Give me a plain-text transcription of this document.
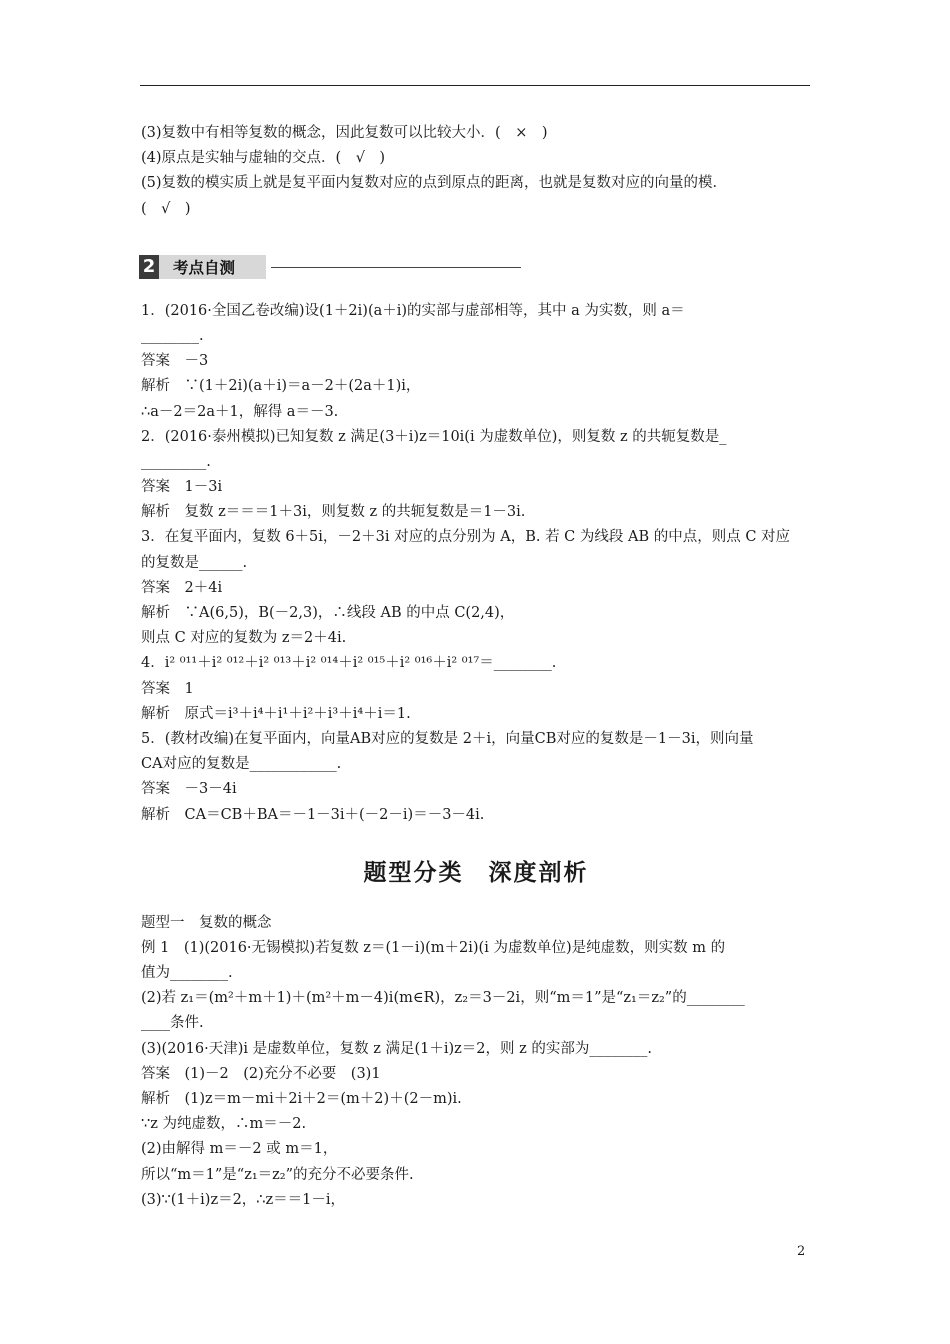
(3)复数中有相等复数的概念，因此复数可以比较大小．(　×　)
(4)原点是实轴与虚轴的交点．(　√　)
(5)复数的模实质上就是复平面内复数对应的点到原点的距离，也就是复数对应的向量的模．
(　√　)
2 考点自测
1．(2016·全国乙卷改编)设(1＋2i)(a＋i)的实部与虚部相等，其中 a 为实数，则 a＝
________.
答案　－3
解析　∵(1＋2i)(a＋i)＝a－2＋(2a＋1)i，
∴a－2＝2a＋1，解得 a＝－3.
2．(2016·泰州模拟)已知复数 z 满足(3＋i)z＝10i(i 为虚数单位)，则复数 z 的共轭复数是_
_________.
答案　1－3i
解析　复数 z＝＝＝1＋3i，则复数 z 的共轭复数是＝1－3i.
3．在复平面内，复数 6＋5i，－2＋3i 对应的点分别为 A，B. 若 C 为线段 AB 的中点，则点 C 对应
的复数是______.
答案　2＋4i
解析　∵A(6,5)，B(－2,3)，∴线段 AB 的中点 C(2,4)，
则点 C 对应的复数为 z＝2＋4i.
4．i² ⁰¹¹＋i² ⁰¹²＋i² ⁰¹³＋i² ⁰¹⁴＋i² ⁰¹⁵＋i² ⁰¹⁶＋i² ⁰¹⁷＝________.
答案　1
解析　原式＝i³＋i⁴＋i¹＋i²＋i³＋i⁴＋i＝1.
5．(教材改编)在复平面内，向量AB对应的复数是 2＋i，向量CB对应的复数是－1－3i，则向量
CA对应的复数是____________.
答案　－3－4i
解析　CA＝CB＋BA＝－1－3i＋(－2－i)＝－3－4i.
题型分类　深度剖析
题型一　复数的概念
例 1　(1)(2016·无锡模拟)若复数 z＝(1－i)(m＋2i)(i 为虚数单位)是纯虚数，则实数 m 的
值为________.
(2)若 z₁＝(m²＋m＋1)＋(m²＋m－4)i(m∈R)，z₂＝3－2i，则“m＝1”是“z₁＝z₂”的________
____条件.
(3)(2016·天津)i 是虚数单位，复数 z 满足(1＋i)z＝2，则 z 的实部为________.
答案　(1)－2　(2)充分不必要　(3)1
解析　(1)z＝m－mi＋2i＋2＝(m＋2)＋(2－m)i.
∵z 为纯虚数，∴m＝－2.
(2)由解得 m＝－2 或 m＝1，
所以“m＝1”是“z₁＝z₂”的充分不必要条件.
(3)∵(1＋i)z＝2，∴z＝＝1－i，
2
